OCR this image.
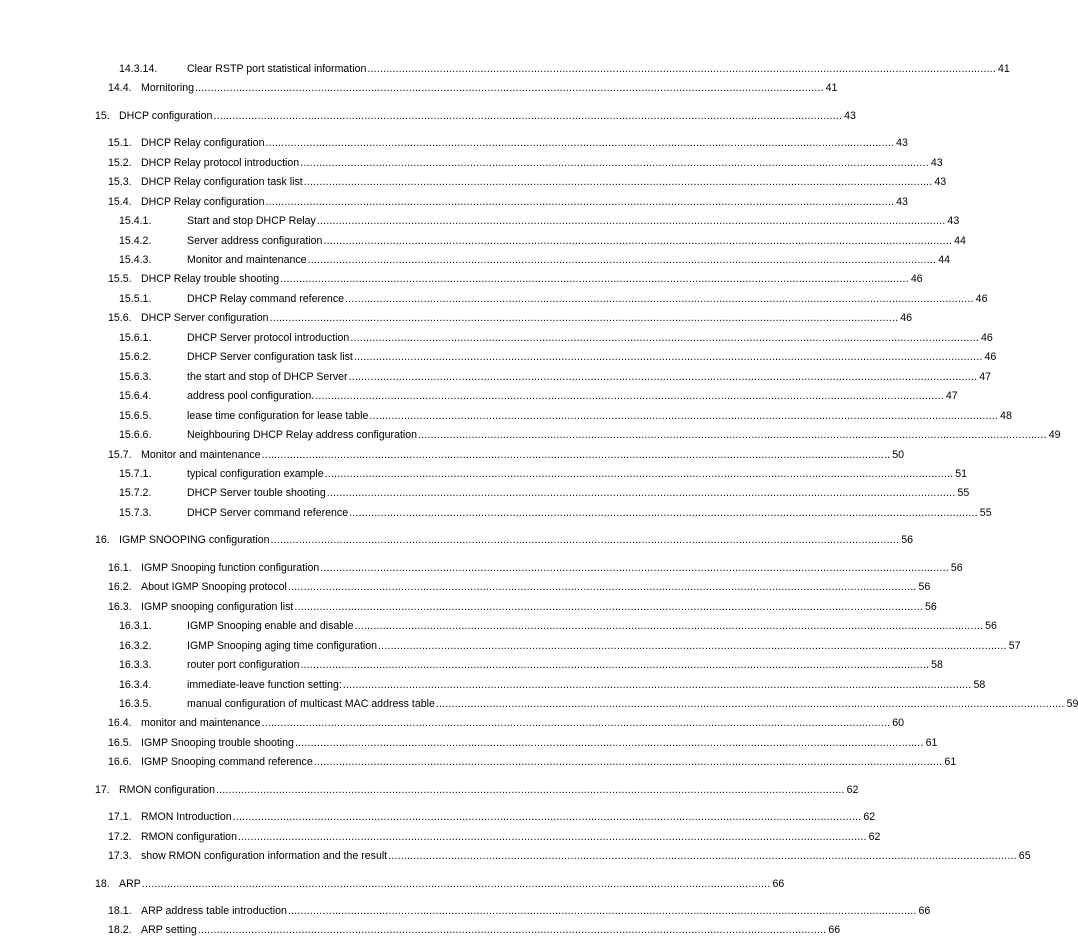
14.3.14.	Clear RSTP port statistical information ........................................................................................................................................................................................................ 41
14.4. Mornitoring ........................................................................................................................................................................................................ 41
15. DHCP configuration ........................................................................................................................................................................................................ 43
15.1. DHCP Relay configuration ........................................................................................................................................................................................................ 43
15.2. DHCP Relay protocol introduction ........................................................................................................................................................................................................ 43
15.3. DHCP Relay configuration task list ........................................................................................................................................................................................................ 43
15.4. DHCP Relay configuration ........................................................................................................................................................................................................ 43
15.4.1.	Start and stop DHCP Relay ........................................................................................................................................................................................................ 43
15.4.2.	Server address configuration ........................................................................................................................................................................................................ 44
15.4.3.	Monitor and maintenance ........................................................................................................................................................................................................ 44
15.5. DHCP Relay trouble shooting ........................................................................................................................................................................................................ 46
15.5.1.	DHCP Relay command reference ........................................................................................................................................................................................................ 46
15.6. DHCP Server configuration ........................................................................................................................................................................................................ 46
15.6.1.	DHCP Server protocol introduction ........................................................................................................................................................................................................ 46
15.6.2.	DHCP Server configuration task list ........................................................................................................................................................................................................ 46
15.6.3.	the start and stop of DHCP Server ........................................................................................................................................................................................................ 47
15.6.4.	address pool configuration. ........................................................................................................................................................................................................ 47
15.6.5.	lease time configuration for lease table ........................................................................................................................................................................................................ 48
15.6.6.	Neighbouring DHCP Relay address configuration ........................................................................................................................................................................................................ 49
15.7. Monitor and maintenance ........................................................................................................................................................................................................ 50
15.7.1.	typical configuration example ........................................................................................................................................................................................................ 51
15.7.2.	DHCP Server touble shooting ........................................................................................................................................................................................................ 55
15.7.3.	DHCP Server command reference ........................................................................................................................................................................................................ 55
16. IGMP SNOOPING configuration ........................................................................................................................................................................................................ 56
16.1. IGMP Snooping function configuration ........................................................................................................................................................................................................ 56
16.2. About IGMP Snooping protocol ........................................................................................................................................................................................................ 56
16.3. IGMP snooping configuration list ........................................................................................................................................................................................................ 56
16.3.1.	IGMP Snooping enable and disable ........................................................................................................................................................................................................ 56
16.3.2.	IGMP Snooping aging time configuration ........................................................................................................................................................................................................ 57
16.3.3.	router port configuration ........................................................................................................................................................................................................ 58
16.3.4.	immediate-leave function setting: ........................................................................................................................................................................................................ 58
16.3.5.	manual configuration of multicast MAC address table ........................................................................................................................................................................................................ 59
16.4. monitor and maintenance ........................................................................................................................................................................................................ 60
16.5. IGMP Snooping trouble shooting ........................................................................................................................................................................................................ 61
16.6. IGMP Snooping command reference ........................................................................................................................................................................................................ 61
17. RMON configuration ........................................................................................................................................................................................................ 62
17.1. RMON Introduction ........................................................................................................................................................................................................ 62
17.2. RMON configuration ........................................................................................................................................................................................................ 62
17.3. show RMON configuration information and the result ........................................................................................................................................................................................................ 65
18. ARP ........................................................................................................................................................................................................ 66
18.1. ARP address table introduction ........................................................................................................................................................................................................ 66
18.2. ARP setting ........................................................................................................................................................................................................ 66
